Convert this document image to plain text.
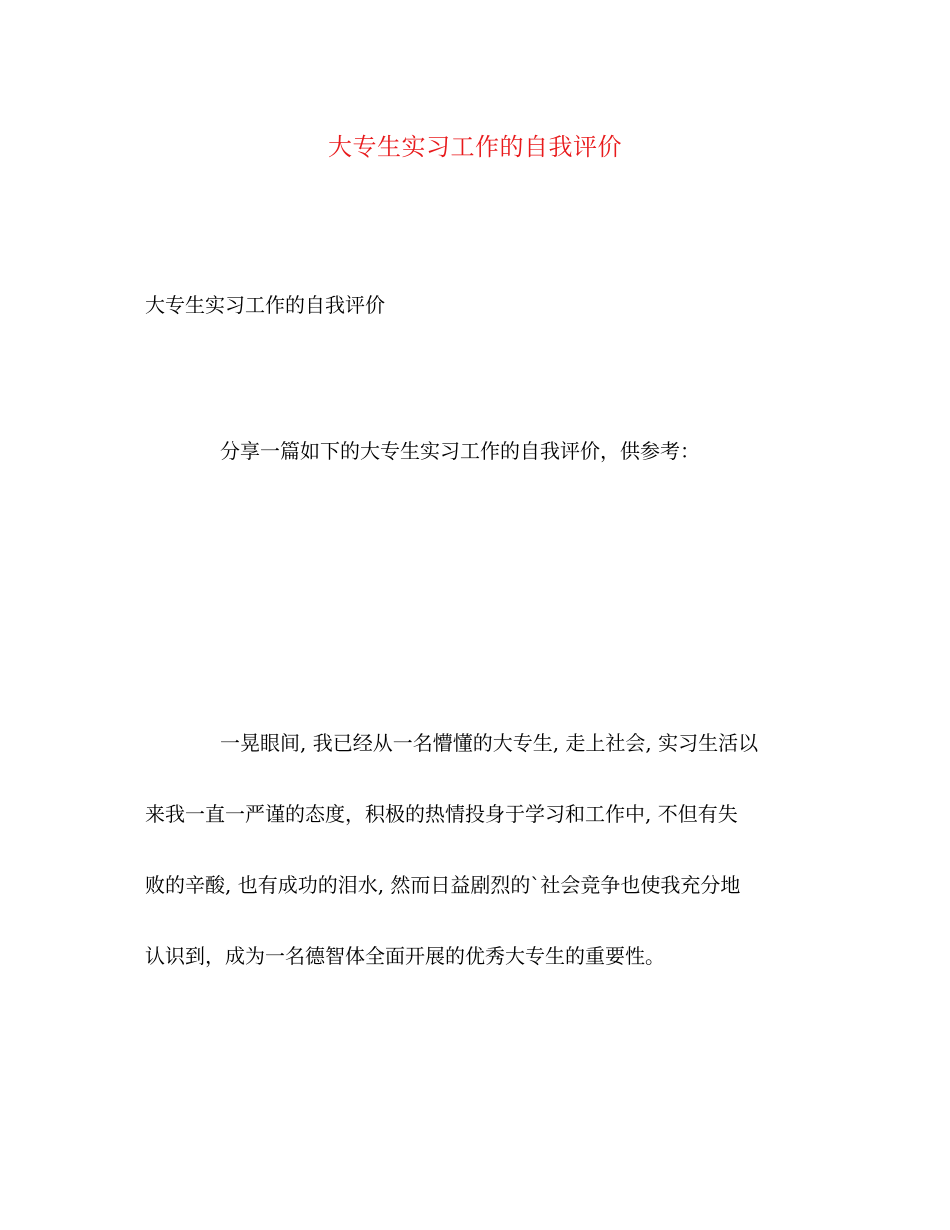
大专生实习工作的自我评价
大专生实习工作的自我评价
分享一篇如下的大专生实习工作的自我评价，供参考：
一晃眼间, 我已经从一名懵懂的大专生, 走上社会, 实习生活以
来我一直一严谨的态度，积极的热情投身于学习和工作中, 不但有失
败的辛酸, 也有成功的泪水, 然而日益剧烈的`社会竞争也使我充分地
认识到，成为一名德智体全面开展的优秀大专生的重要性。
